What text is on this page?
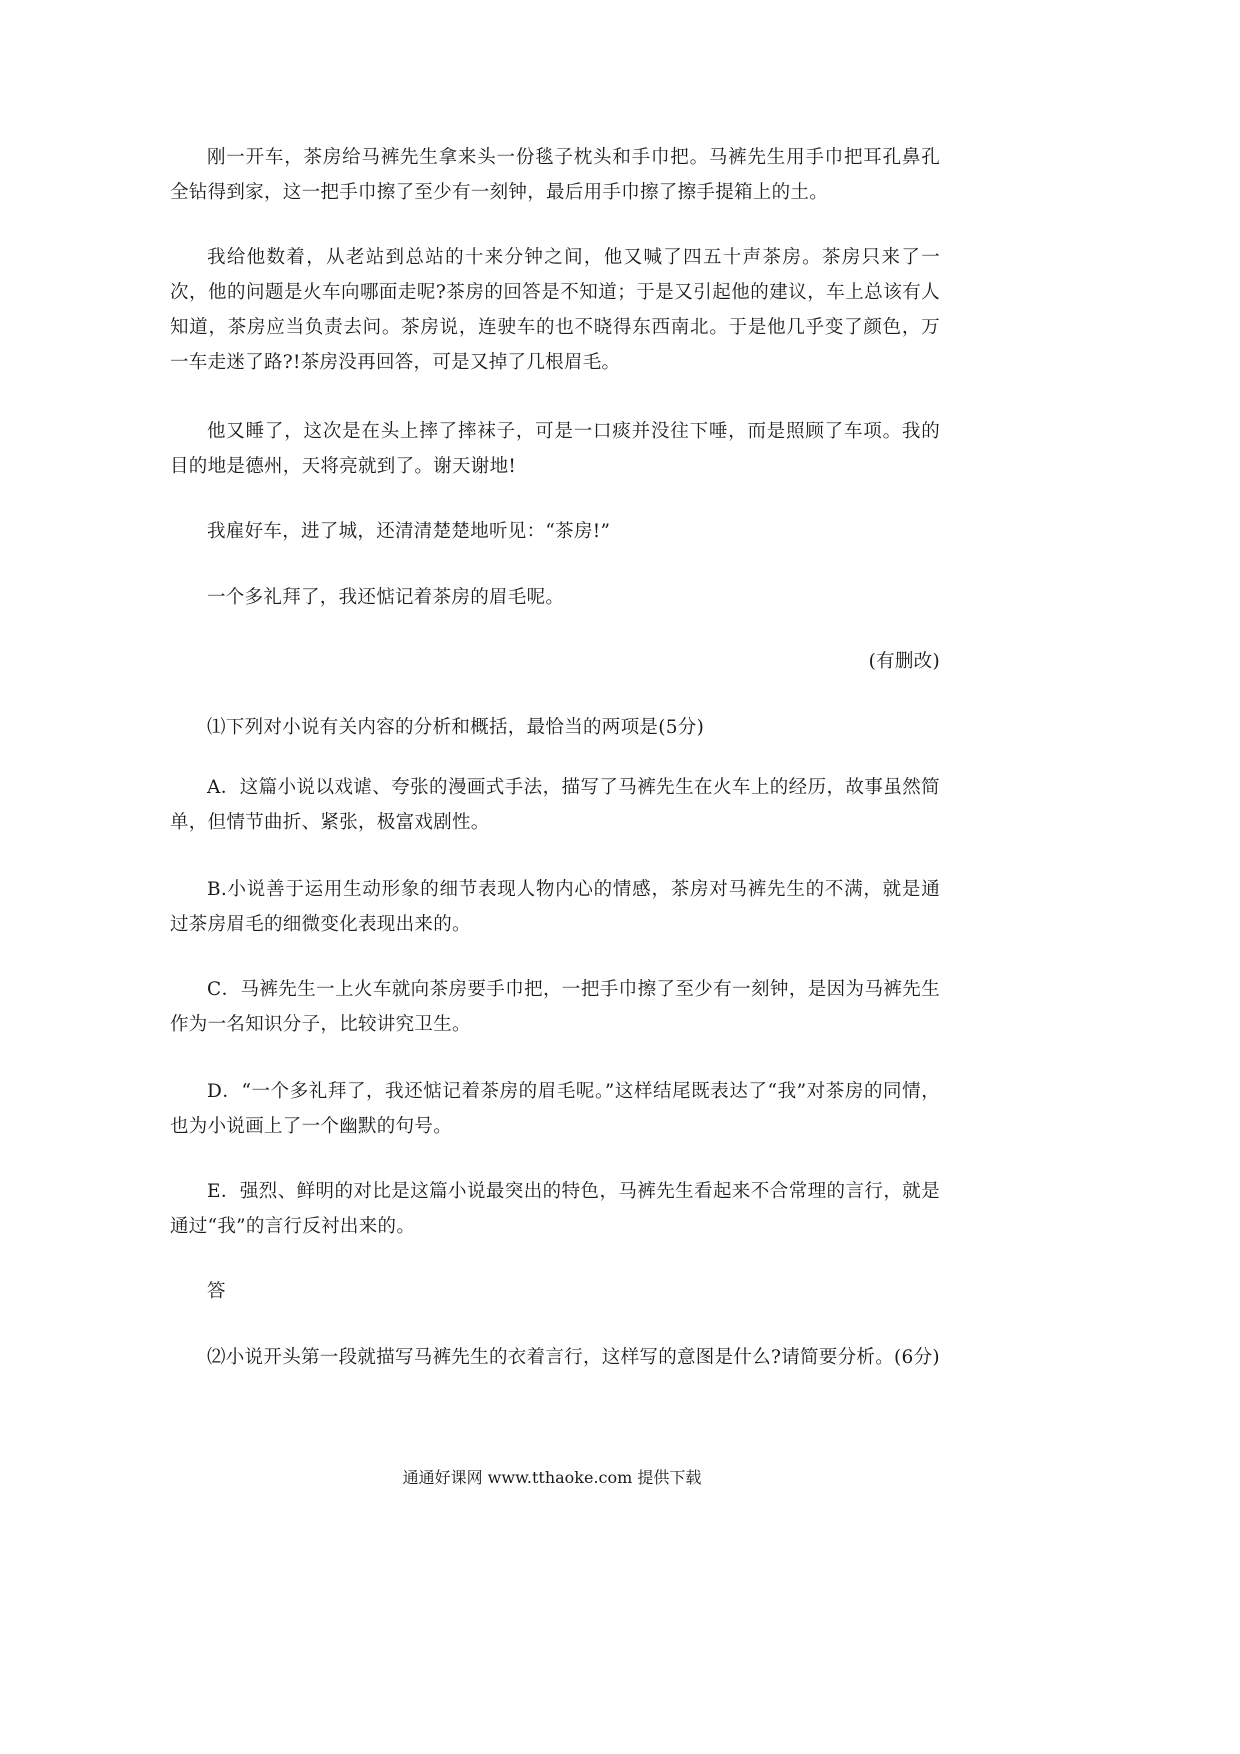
刚一开车，茶房给马裤先生拿来头一份毯子枕头和手巾把。马裤先生用手巾把耳孔鼻孔全钻得到家，这一把手巾擦了至少有一刻钟，最后用手巾擦了擦手提箱上的土。

我给他数着，从老站到总站的十来分钟之间，他又喊了四五十声茶房。茶房只来了一次，他的问题是火车向哪面走呢?茶房的回答是不知道；于是又引起他的建议，车上总该有人知道，茶房应当负责去问。茶房说，连驶车的也不晓得东西南北。于是他几乎变了颜色，万一车走迷了路?!茶房没再回答，可是又掉了几根眉毛。

他又睡了，这次是在头上摔了摔袜子，可是一口痰并没往下唾，而是照顾了车项。我的目的地是德州，天将亮就到了。谢天谢地!

我雇好车，进了城，还清清楚楚地听见：“茶房!”

一个多礼拜了，我还惦记着茶房的眉毛呢。

(有删改)

⑴下列对小说有关内容的分析和概括，最恰当的两项是(5分)

A．这篇小说以戏谑、夸张的漫画式手法，描写了马裤先生在火车上的经历，故事虽然简单，但情节曲折、紧张，极富戏剧性。

B.小说善于运用生动形象的细节表现人物内心的情感，茶房对马裤先生的不满，就是通过茶房眉毛的细微变化表现出来的。

C．马裤先生一上火车就向茶房要手巾把，一把手巾擦了至少有一刻钟，是因为马裤先生作为一名知识分子，比较讲究卫生。

D．“一个多礼拜了，我还惦记着茶房的眉毛呢。”这样结尾既表达了“我”对茶房的同情，也为小说画上了一个幽默的句号。

E．强烈、鲜明的对比是这篇小说最突出的特色，马裤先生看起来不合常理的言行，就是通过“我”的言行反衬出来的。

答

⑵小说开头第一段就描写马裤先生的衣着言行，这样写的意图是什么?请简要分析。(6分)

通通好课网 www.tthaoke.com 提供下载
